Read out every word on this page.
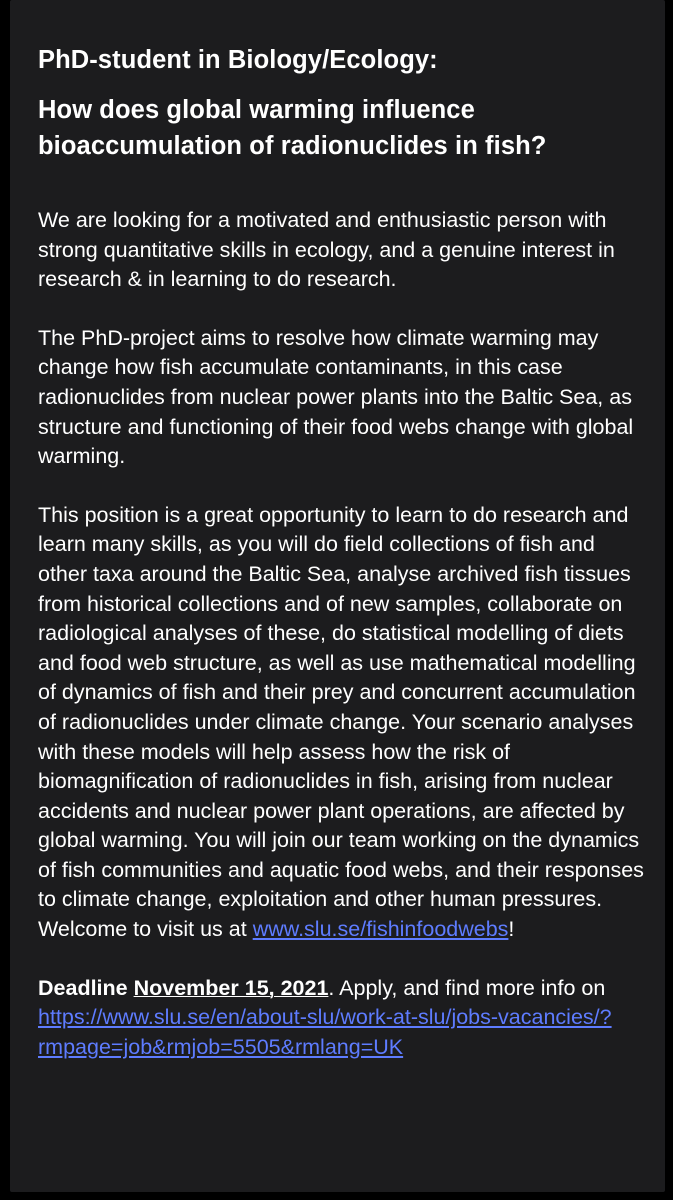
PhD-student in Biology/Ecology:
How does global warming influence bioaccumulation of radionuclides in fish?

We are looking for a motivated and enthusiastic person with strong quantitative skills in ecology, and a genuine interest in research & in learning to do research.

The PhD-project aims to resolve how climate warming may change how fish accumulate contaminants, in this case radionuclides from nuclear power plants into the Baltic Sea, as structure and functioning of their food webs change with global warming.

This position is a great opportunity to learn to do research and learn many skills, as you will do field collections of fish and other taxa around the Baltic Sea, analyse archived fish tissues from historical collections and of new samples, collaborate on radiological analyses of these, do statistical modelling of diets and food web structure, as well as use mathematical modelling of dynamics of fish and their prey and concurrent accumulation of radionuclides under climate change. Your scenario analyses with these models will help assess how the risk of biomagnification of radionuclides in fish, arising from nuclear accidents and nuclear power plant operations, are affected by global warming. You will join our team working on the dynamics of fish communities and aquatic food webs, and their responses to climate change, exploitation and other human pressures. Welcome to visit us at www.slu.se/fishinfoodwebs!

Deadline November 15, 2021. Apply, and find more info on https://www.slu.se/en/about-slu/work-at-slu/jobs-vacancies/?rmpage=job&rmjob=5505&rmlang=UK
